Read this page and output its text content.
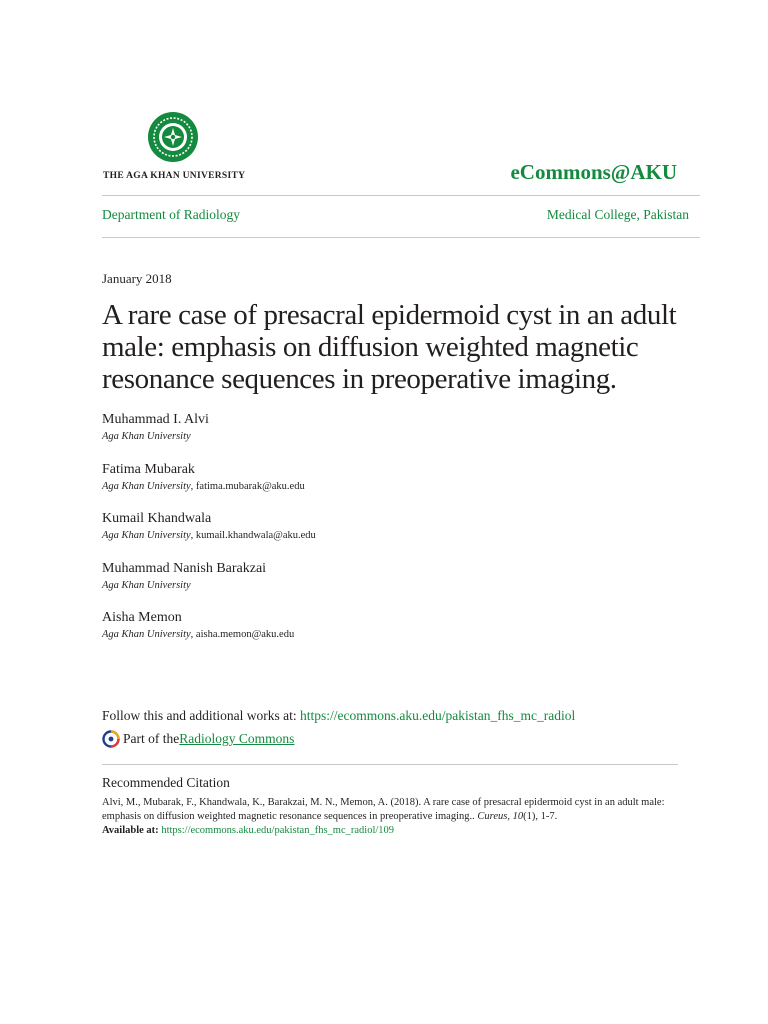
THE AGA KHAN UNIVERSITY	eCommons@AKU
Department of Radiology	Medical College, Pakistan
January 2018
A rare case of presacral epidermoid cyst in an adult male: emphasis on diffusion weighted magnetic resonance sequences in preoperative imaging.
Muhammad I. Alvi
Aga Khan University
Fatima Mubarak
Aga Khan University, fatima.mubarak@aku.edu
Kumail Khandwala
Aga Khan University, kumail.khandwala@aku.edu
Muhammad Nanish Barakzai
Aga Khan University
Aisha Memon
Aga Khan University, aisha.memon@aku.edu
Follow this and additional works at: https://ecommons.aku.edu/pakistan_fhs_mc_radiol
Part of the Radiology Commons
Recommended Citation
Alvi, M., Mubarak, F., Khandwala, K., Barakzai, M. N., Memon, A. (2018). A rare case of presacral epidermoid cyst in an adult male: emphasis on diffusion weighted magnetic resonance sequences in preoperative imaging.. Cureus, 10(1), 1-7.
Available at: https://ecommons.aku.edu/pakistan_fhs_mc_radiol/109
